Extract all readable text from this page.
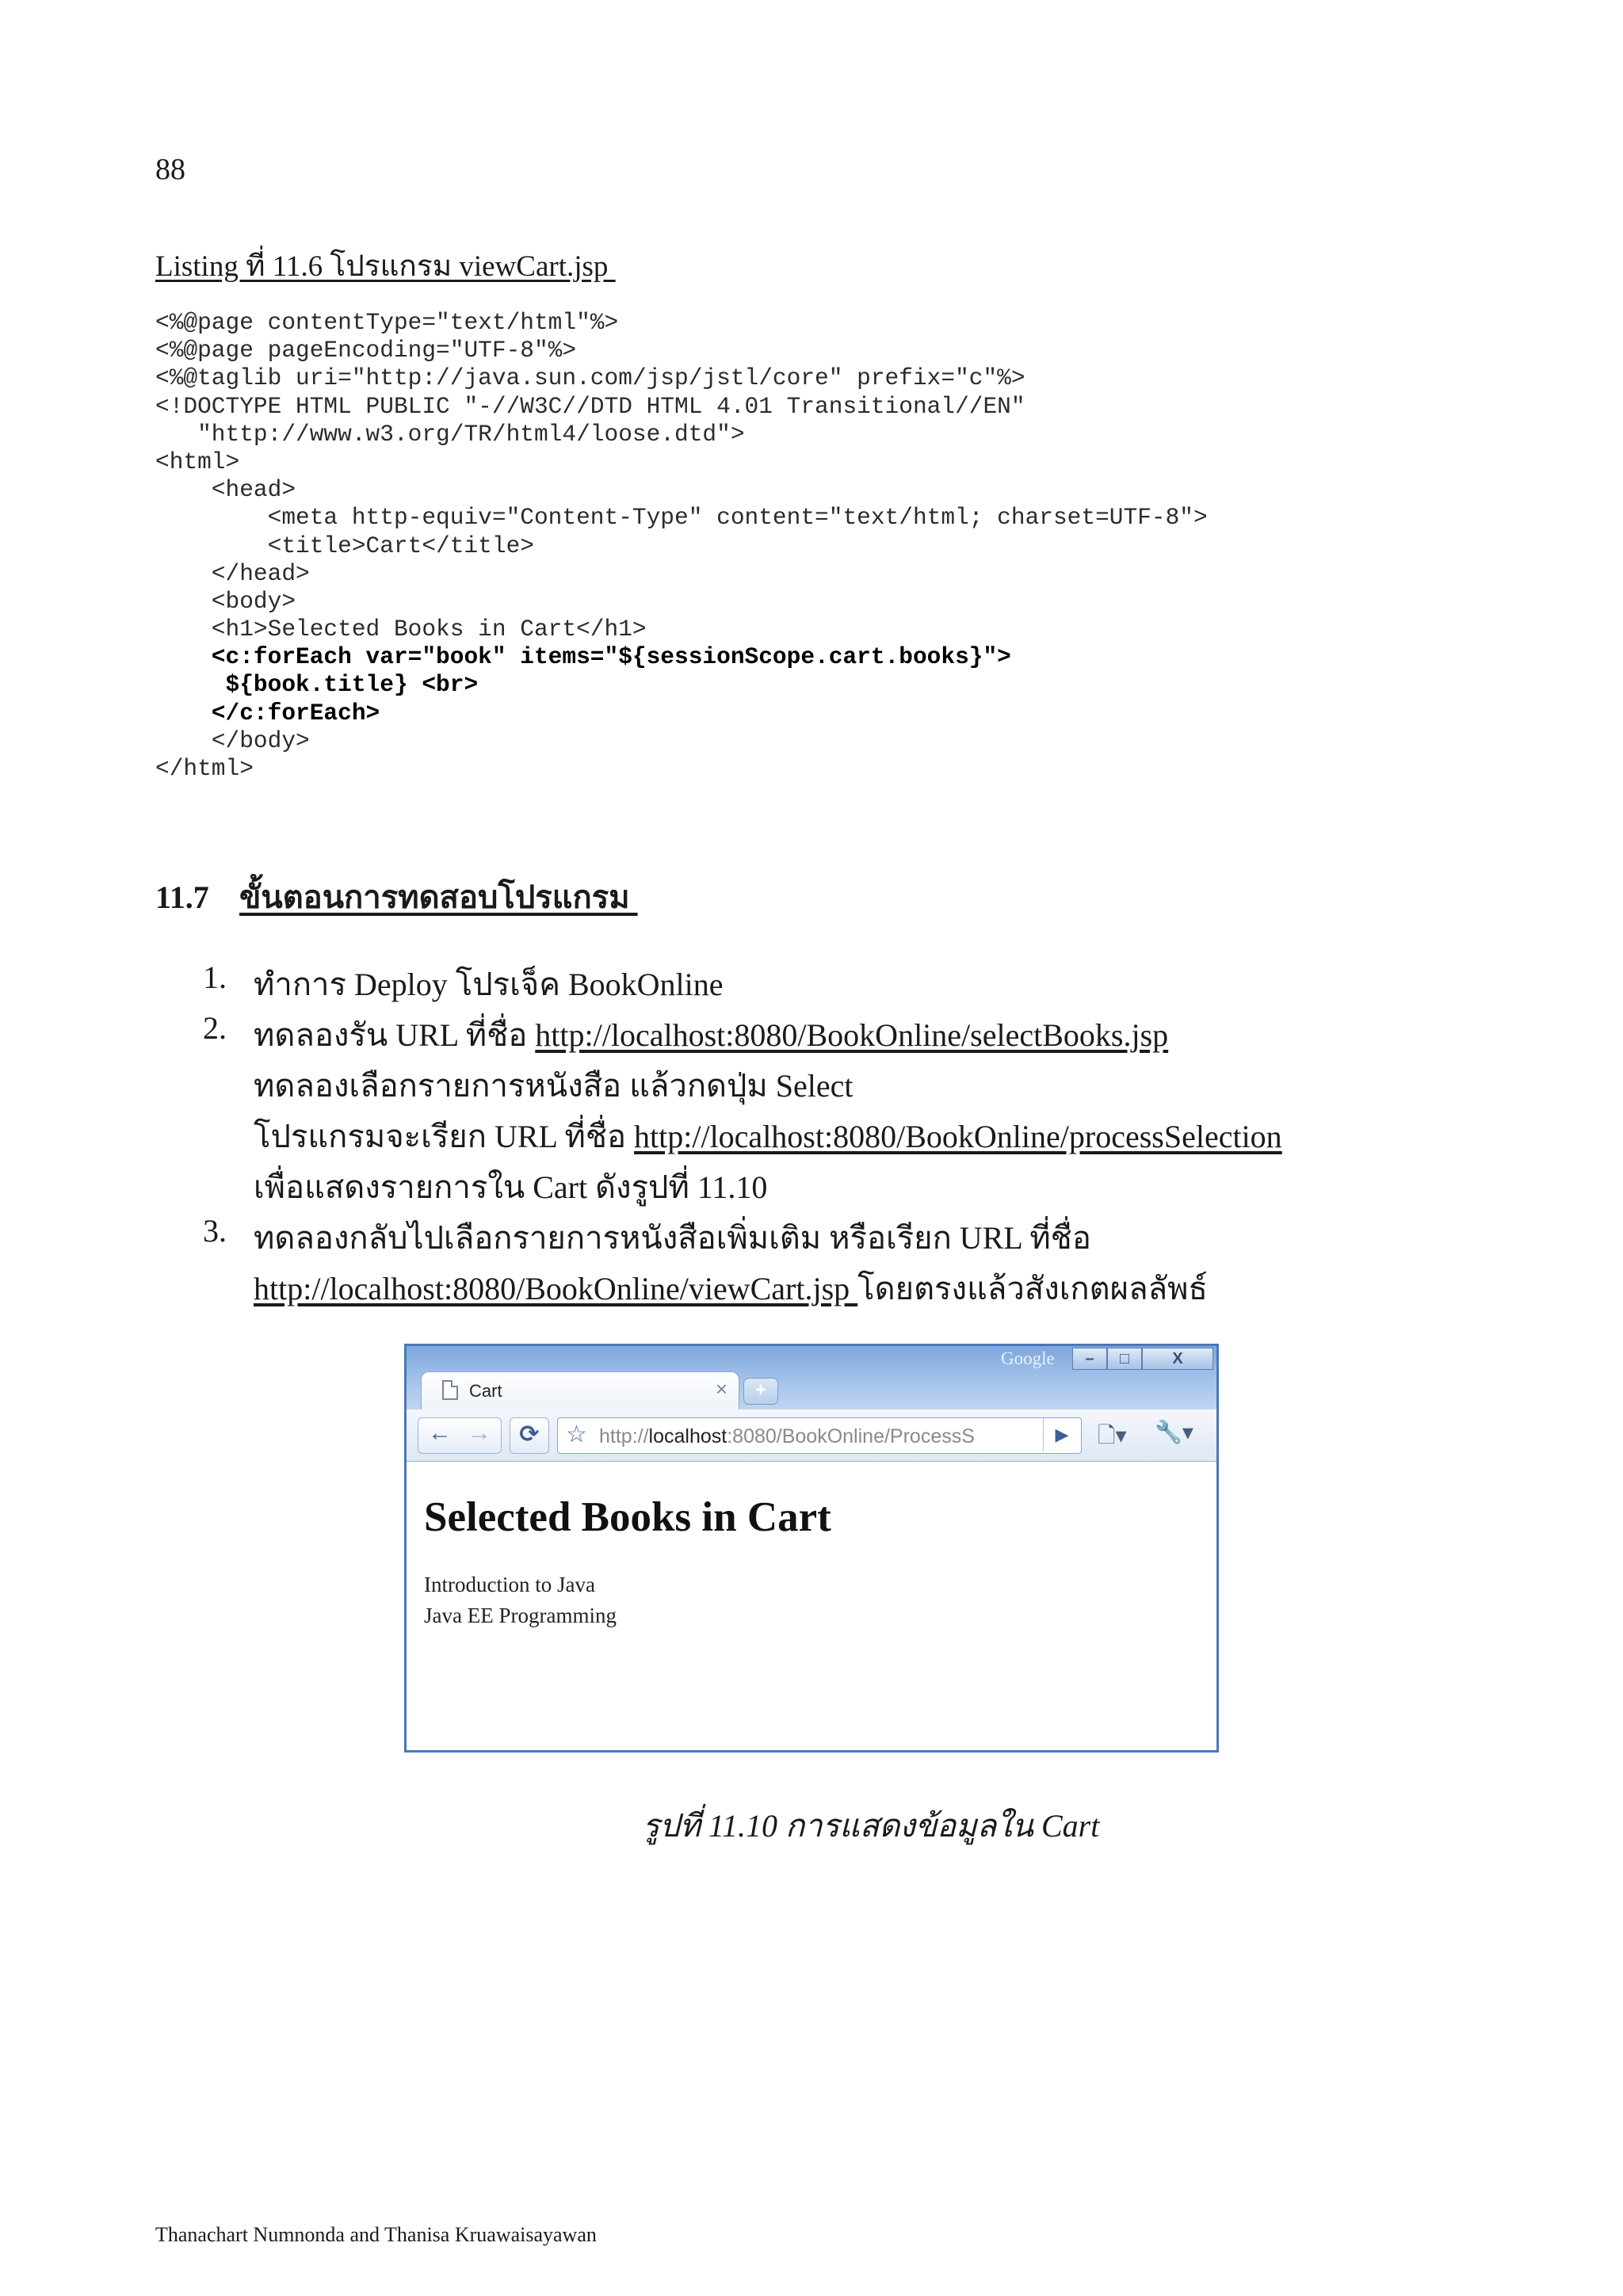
88
Listing ที่ 11.6 โปรแกรม viewCart.jsp
<%@page contentType="text/html"%>
<%@page pageEncoding="UTF-8"%>
<%@taglib uri="http://java.sun.com/jsp/jstl/core" prefix="c"%>
<!DOCTYPE HTML PUBLIC "-//W3C//DTD HTML 4.01 Transitional//EN"
"http://www.w3.org/TR/html4/loose.dtd">
<html>
<head>
<meta http-equiv="Content-Type" content="text/html; charset=UTF-8">
<title>Cart</title>
</head>
<body>
<h1>Selected Books in Cart</h1>
<c:forEach var="book" items="${sessionScope.cart.books}">
${book.title} <br>
</c:forEach>
</body>
</html>
11.7 ขั้นตอนการทดสอบโปรแกรม
1. ทำการ Deploy โปรเจ็ค BookOnline
2. ทดลองรัน URL ที่ชื่อ http://localhost:8080/BookOnline/selectBooks.jsp
ทดลองเลือกรายการหนังสือ แล้วกดปุ่ม Select
โปรแกรมจะเรียก URL ที่ชื่อ http://localhost:8080/BookOnline/processSelection
เพื่อแสดงรายการใน Cart ดังรูปที่ 11.10
3. ทดลองกลับไปเลือกรายการหนังสือเพิ่มเติม หรือเรียก URL ที่ชื่อ
http://localhost:8080/BookOnline/viewCart.jsp โดยตรงแล้วสังเกตผลลัพธ์
Google	–	□	X
Cart	×	+
← →	⟳	☆ http://localhost:8080/BookOnline/ProcessS	▶	🗋▾ 🔧▾
Selected Books in Cart
Introduction to Java
Java EE Programming
รูปที่ 11.10 การแสดงข้อมูลใน Cart
Thanachart Numnonda and Thanisa Kruawaisayawan
